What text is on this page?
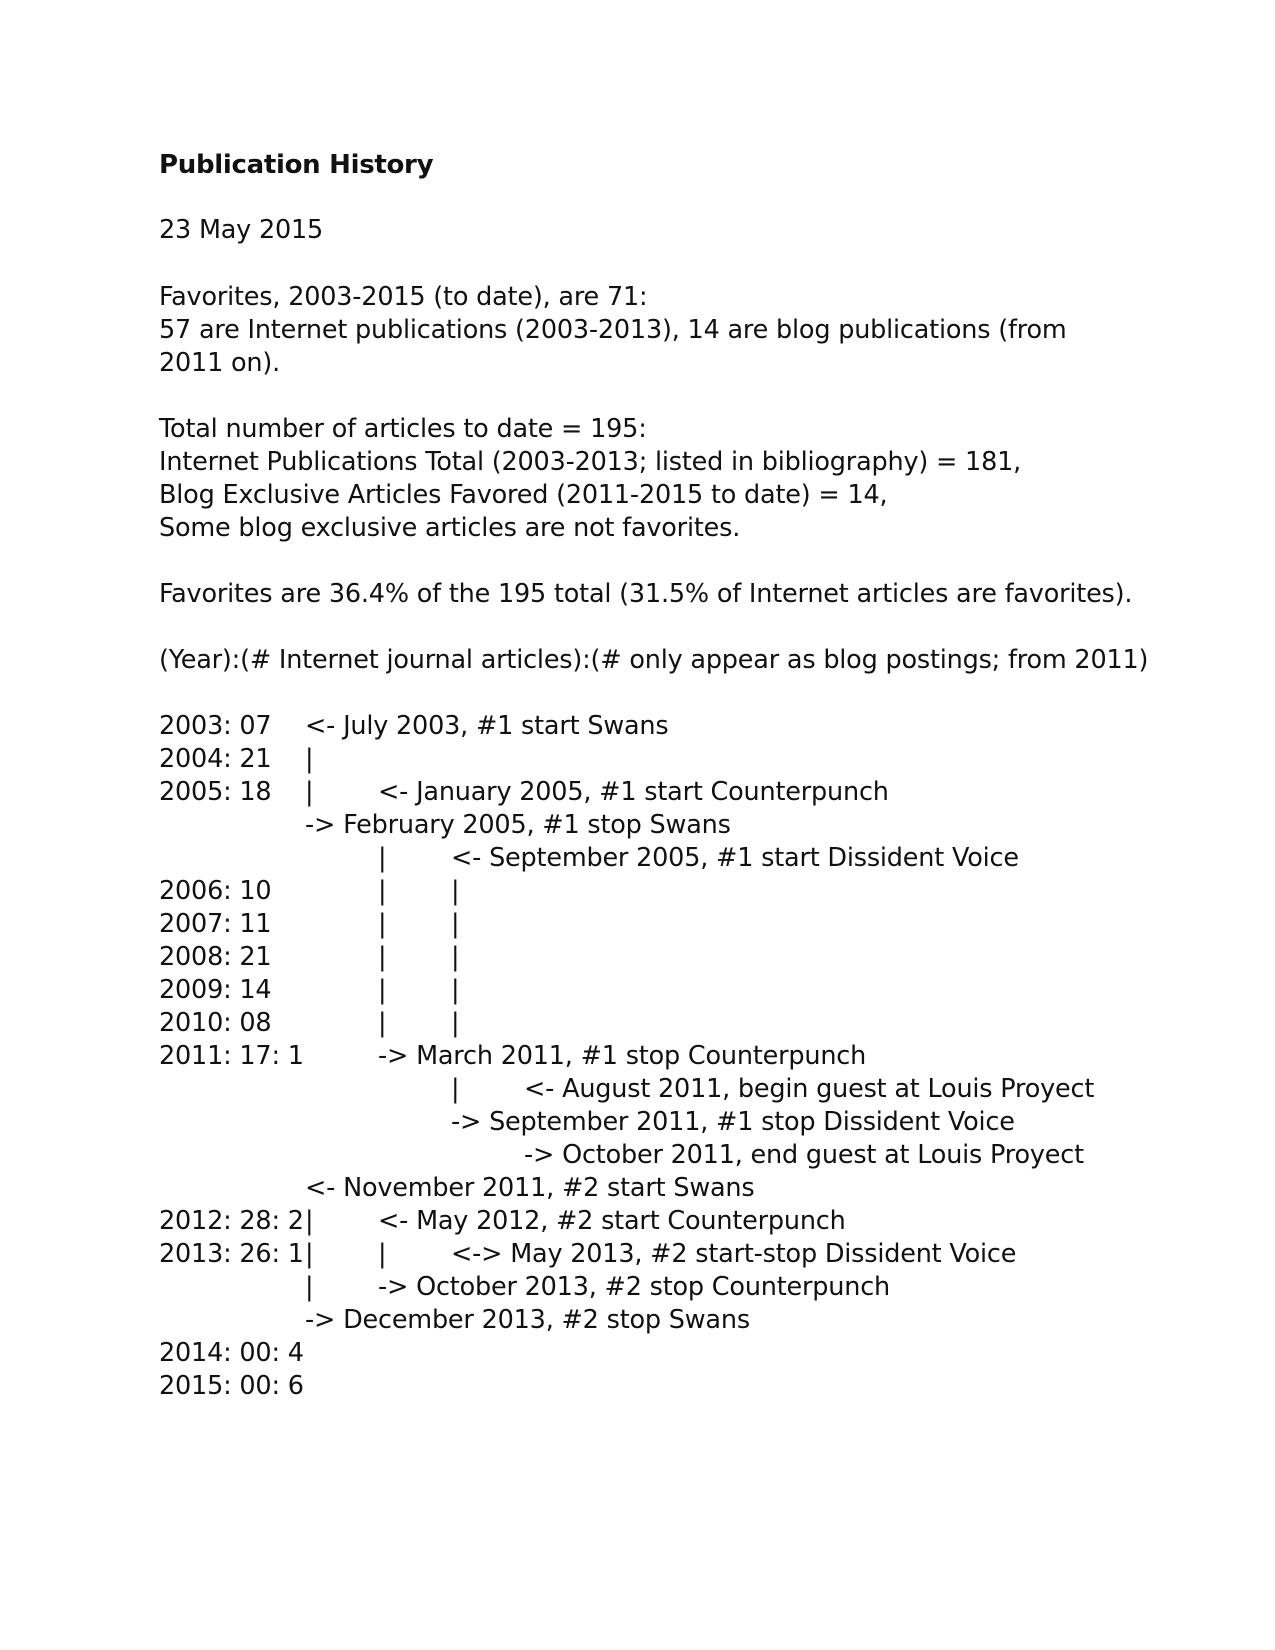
Publication History
23 May 2015
Favorites, 2003-2015 (to date), are 71:
57 are Internet publications (2003-2013), 14 are blog publications (from
2011 on).
Total number of articles to date = 195:
Internet Publications Total (2003-2013; listed in bibliography) = 181,
Blog Exclusive Articles Favored (2011-2015 to date) = 14,
Some blog exclusive articles are not favorites.
Favorites are 36.4% of the 195 total (31.5% of Internet articles are favorites).
(Year):(# Internet journal articles):(# only appear as blog postings; from 2011)
2003: 07 <- July 2003, #1 start Swans
2004: 21 |
2005: 18 |	<- January 2005, #1 start Counterpunch
-> February 2005, #1 stop Swans
|	<- September 2005, #1 start Dissident Voice
2006: 10	|	|
2007: 11	|	|
2008: 21	|	|
2009: 14	|	|
2010: 08	|	|
2011: 17: 1	-> March 2011, #1 stop Counterpunch
|	<- August 2011, begin guest at Louis Proyect
-> September 2011, #1 stop Dissident Voice
-> October 2011, end guest at Louis Proyect
<- November 2011, #2 start Swans
2012: 28: 2 |	<- May 2012, #2 start Counterpunch
2013: 26: 1 |	|	<-> May 2013, #2 start-stop Dissident Voice
|	-> October 2013, #2 stop Counterpunch
-> December 2013, #2 stop Swans
2014: 00: 4
2015: 00: 6
